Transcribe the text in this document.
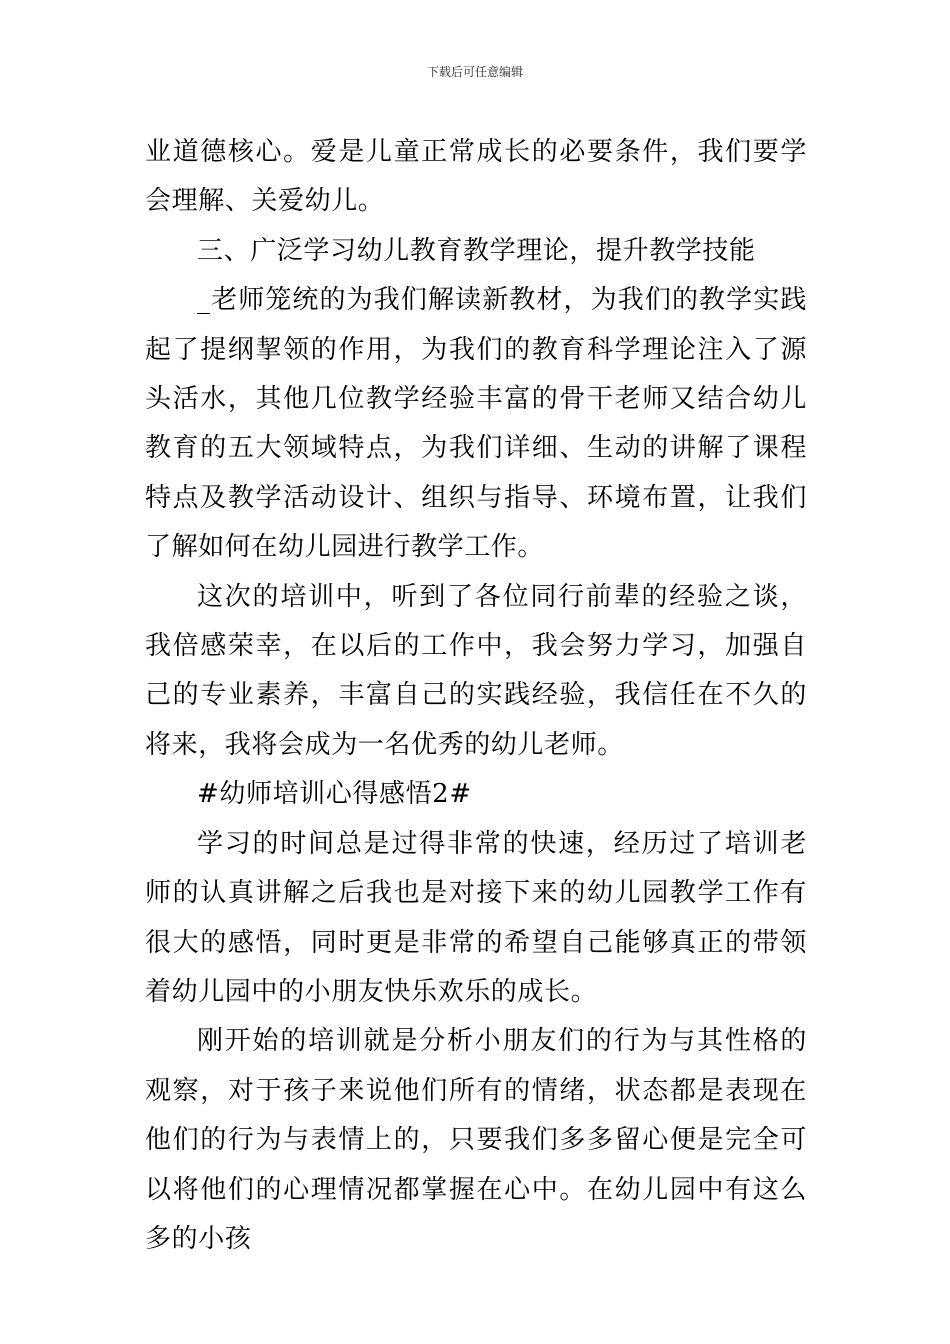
下载后可任意编辑

业道德核心。爱是儿童正常成长的必要条件，我们要学会理解、关爱幼儿。

三、广泛学习幼儿教育教学理论，提升教学技能

_老师笼统的为我们解读新教材，为我们的教学实践起了提纲挈领的作用，为我们的教育科学理论注入了源头活水，其他几位教学经验丰富的骨干老师又结合幼儿教育的五大领域特点，为我们详细、生动的讲解了课程特点及教学活动设计、组织与指导、环境布置，让我们了解如何在幼儿园进行教学工作。

这次的培训中，听到了各位同行前辈的经验之谈，我倍感荣幸，在以后的工作中，我会努力学习，加强自己的专业素养，丰富自己的实践经验，我信任在不久的将来，我将会成为一名优秀的幼儿老师。

#幼师培训心得感悟2#

学习的时间总是过得非常的快速，经历过了培训老师的认真讲解之后我也是对接下来的幼儿园教学工作有很大的感悟，同时更是非常的希望自己能够真正的带领着幼儿园中的小朋友快乐欢乐的成长。

刚开始的培训就是分析小朋友们的行为与其性格的观察，对于孩子来说他们所有的情绪，状态都是表现在他们的行为与表情上的，只要我们多多留心便是完全可以将他们的心理情况都掌握在心中。在幼儿园中有这么多的小孩
